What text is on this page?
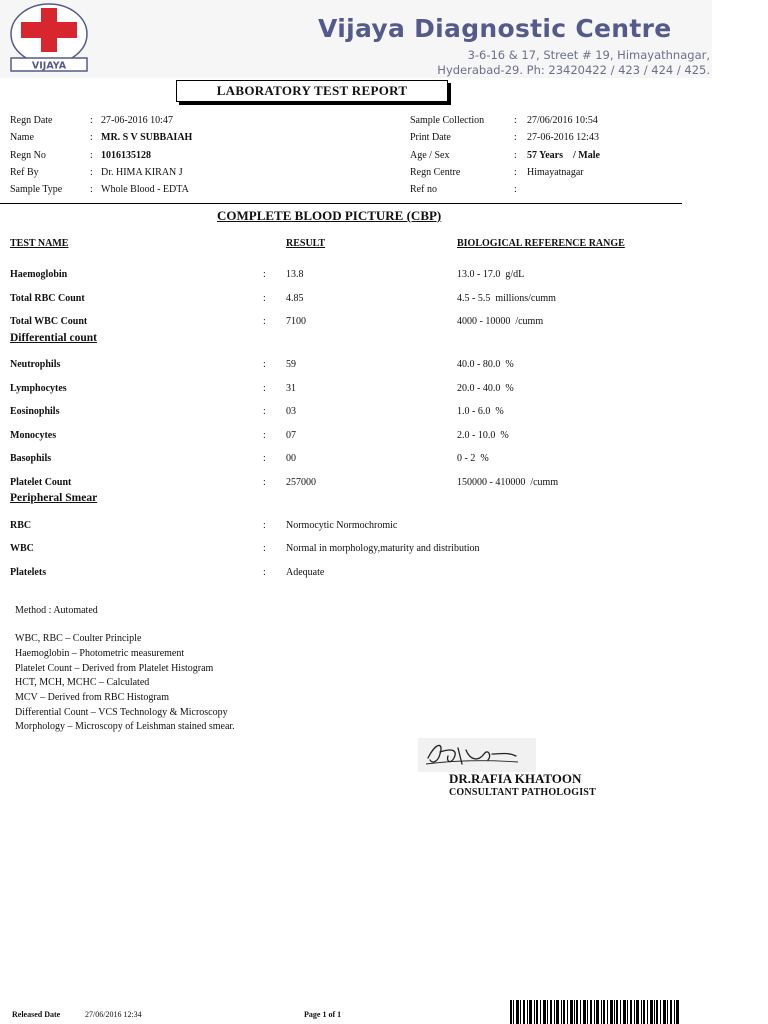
VIJAYA
Vijaya Diagnostic Centre
3-6-16 & 17, Street # 19, Himayathnagar,
Hyderabad-29. Ph: 23420422 / 423 / 424 / 425.
LABORATORY TEST REPORT
Regn Date	: 27-06-2016 10:47
Name	: MR. S V SUBBAIAH
Regn No	: 1016135128
Ref By	: Dr. HIMA KIRAN J
Sample Type	: Whole Blood - EDTA
Sample Collection	: 27/06/2016 10:54
Print Date	: 27-06-2016 12:43
Age / Sex	: 57 Years    / Male
Regn Centre	: Himayatnagar
Ref no	:
COMPLETE BLOOD PICTURE (CBP)
TEST NAME	RESULT	BIOLOGICAL REFERENCE RANGE
Haemoglobin	: 13.8	13.0 - 17.0  g/dL
Total RBC Count	: 4.85	4.5 - 5.5  millions/cumm
Total WBC Count	: 7100	4000 - 10000  /cumm
Differential count
Neutrophils	: 59	40.0 - 80.0  %
Lymphocytes	: 31	20.0 - 40.0  %
Eosinophils	: 03	1.0 - 6.0  %
Monocytes	: 07	2.0 - 10.0  %
Basophils	: 00	0 - 2  %
Platelet Count	: 257000	150000 - 410000  /cumm
Peripheral Smear
RBC	: Normocytic Normochromic
WBC	: Normal in morphology,maturity and distribution
Platelets	: Adequate
Method : Automated
WBC, RBC – Coulter Principle
Haemoglobin – Photometric measurement
Platelet Count – Derived from Platelet Histogram
HCT, MCH, MCHC – Calculated
MCV – Derived from RBC Histogram
Differential Count – VCS Technology & Microscopy
Morphology – Microscopy of Leishman stained smear.
DR.RAFIA KHATOON
CONSULTANT PATHOLOGIST
Released Date	27/06/2016 12:34	Page 1 of 1
